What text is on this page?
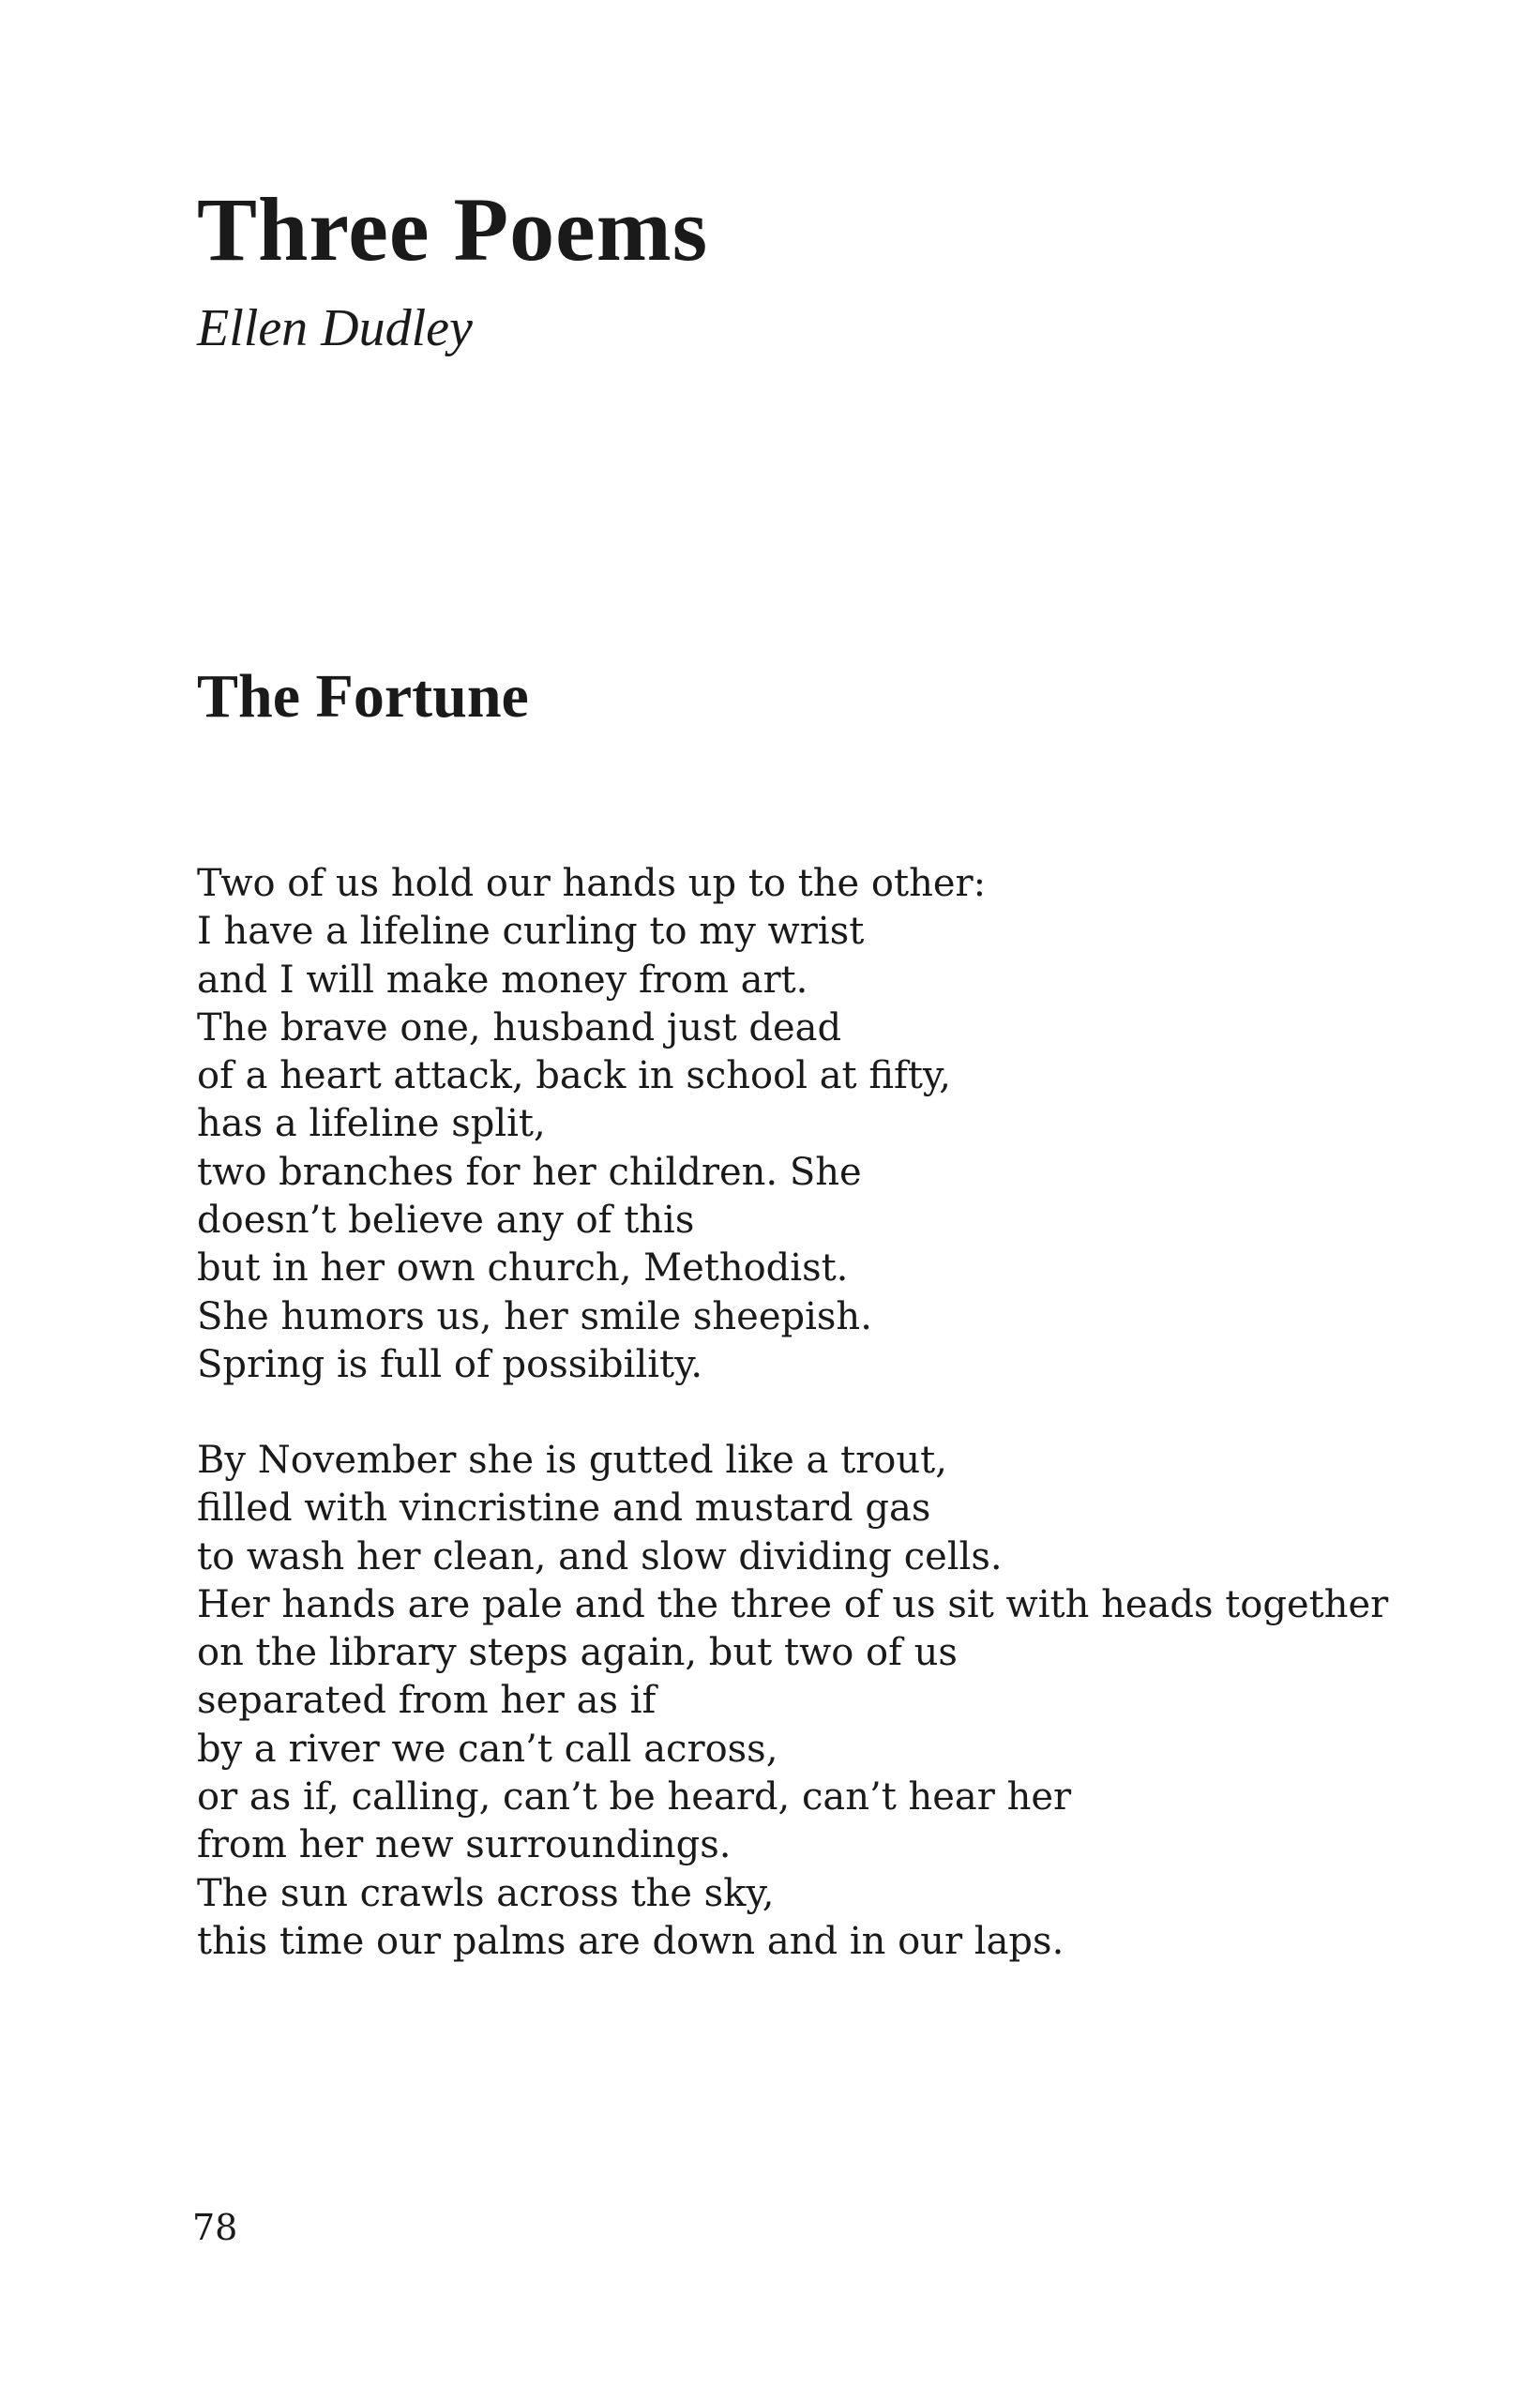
Three Poems

Ellen Dudley

The Fortune
Two of us hold our hands up to the other:
I have a lifeline curling to my wrist
and I will make money from art.
The brave one, husband just dead
of a heart attack, back in school at fifty,
has a lifeline split,
two branches for her children. She
doesn’t believe any of this
but in her own church, Methodist.
She humors us, her smile sheepish.
Spring is full of possibility.
By November she is gutted like a trout,
filled with vincristine and mustard gas
to wash her clean, and slow dividing cells.
Her hands are pale and the three of us sit with heads together
on the library steps again, but two of us
separated from her as if
by a river we can’t call across,
or as if, calling, can’t be heard, can’t hear her
from her new surroundings.
The sun crawls across the sky,
this time our palms are down and in our laps.

78
